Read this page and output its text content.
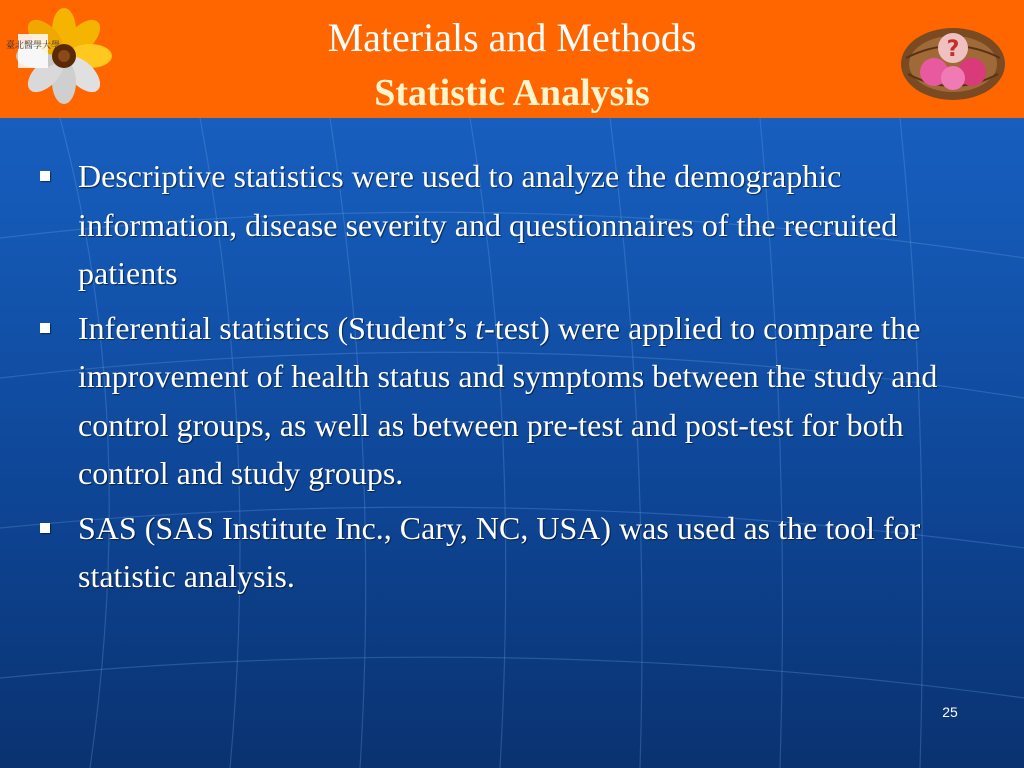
臺北醫學大學	Materials and Methods
Statistic Analysis
?
Descriptive statistics were used to analyze the demographic information, disease severity and questionnaires of the recruited patients
Inferential statistics (Student’s t-test) were applied to compare the improvement of health status and symptoms between the study and control groups, as well as between pre-test and post-test for both control and study groups.
SAS (SAS Institute Inc., Cary, NC, USA) was used as the tool for statistic analysis.
25
